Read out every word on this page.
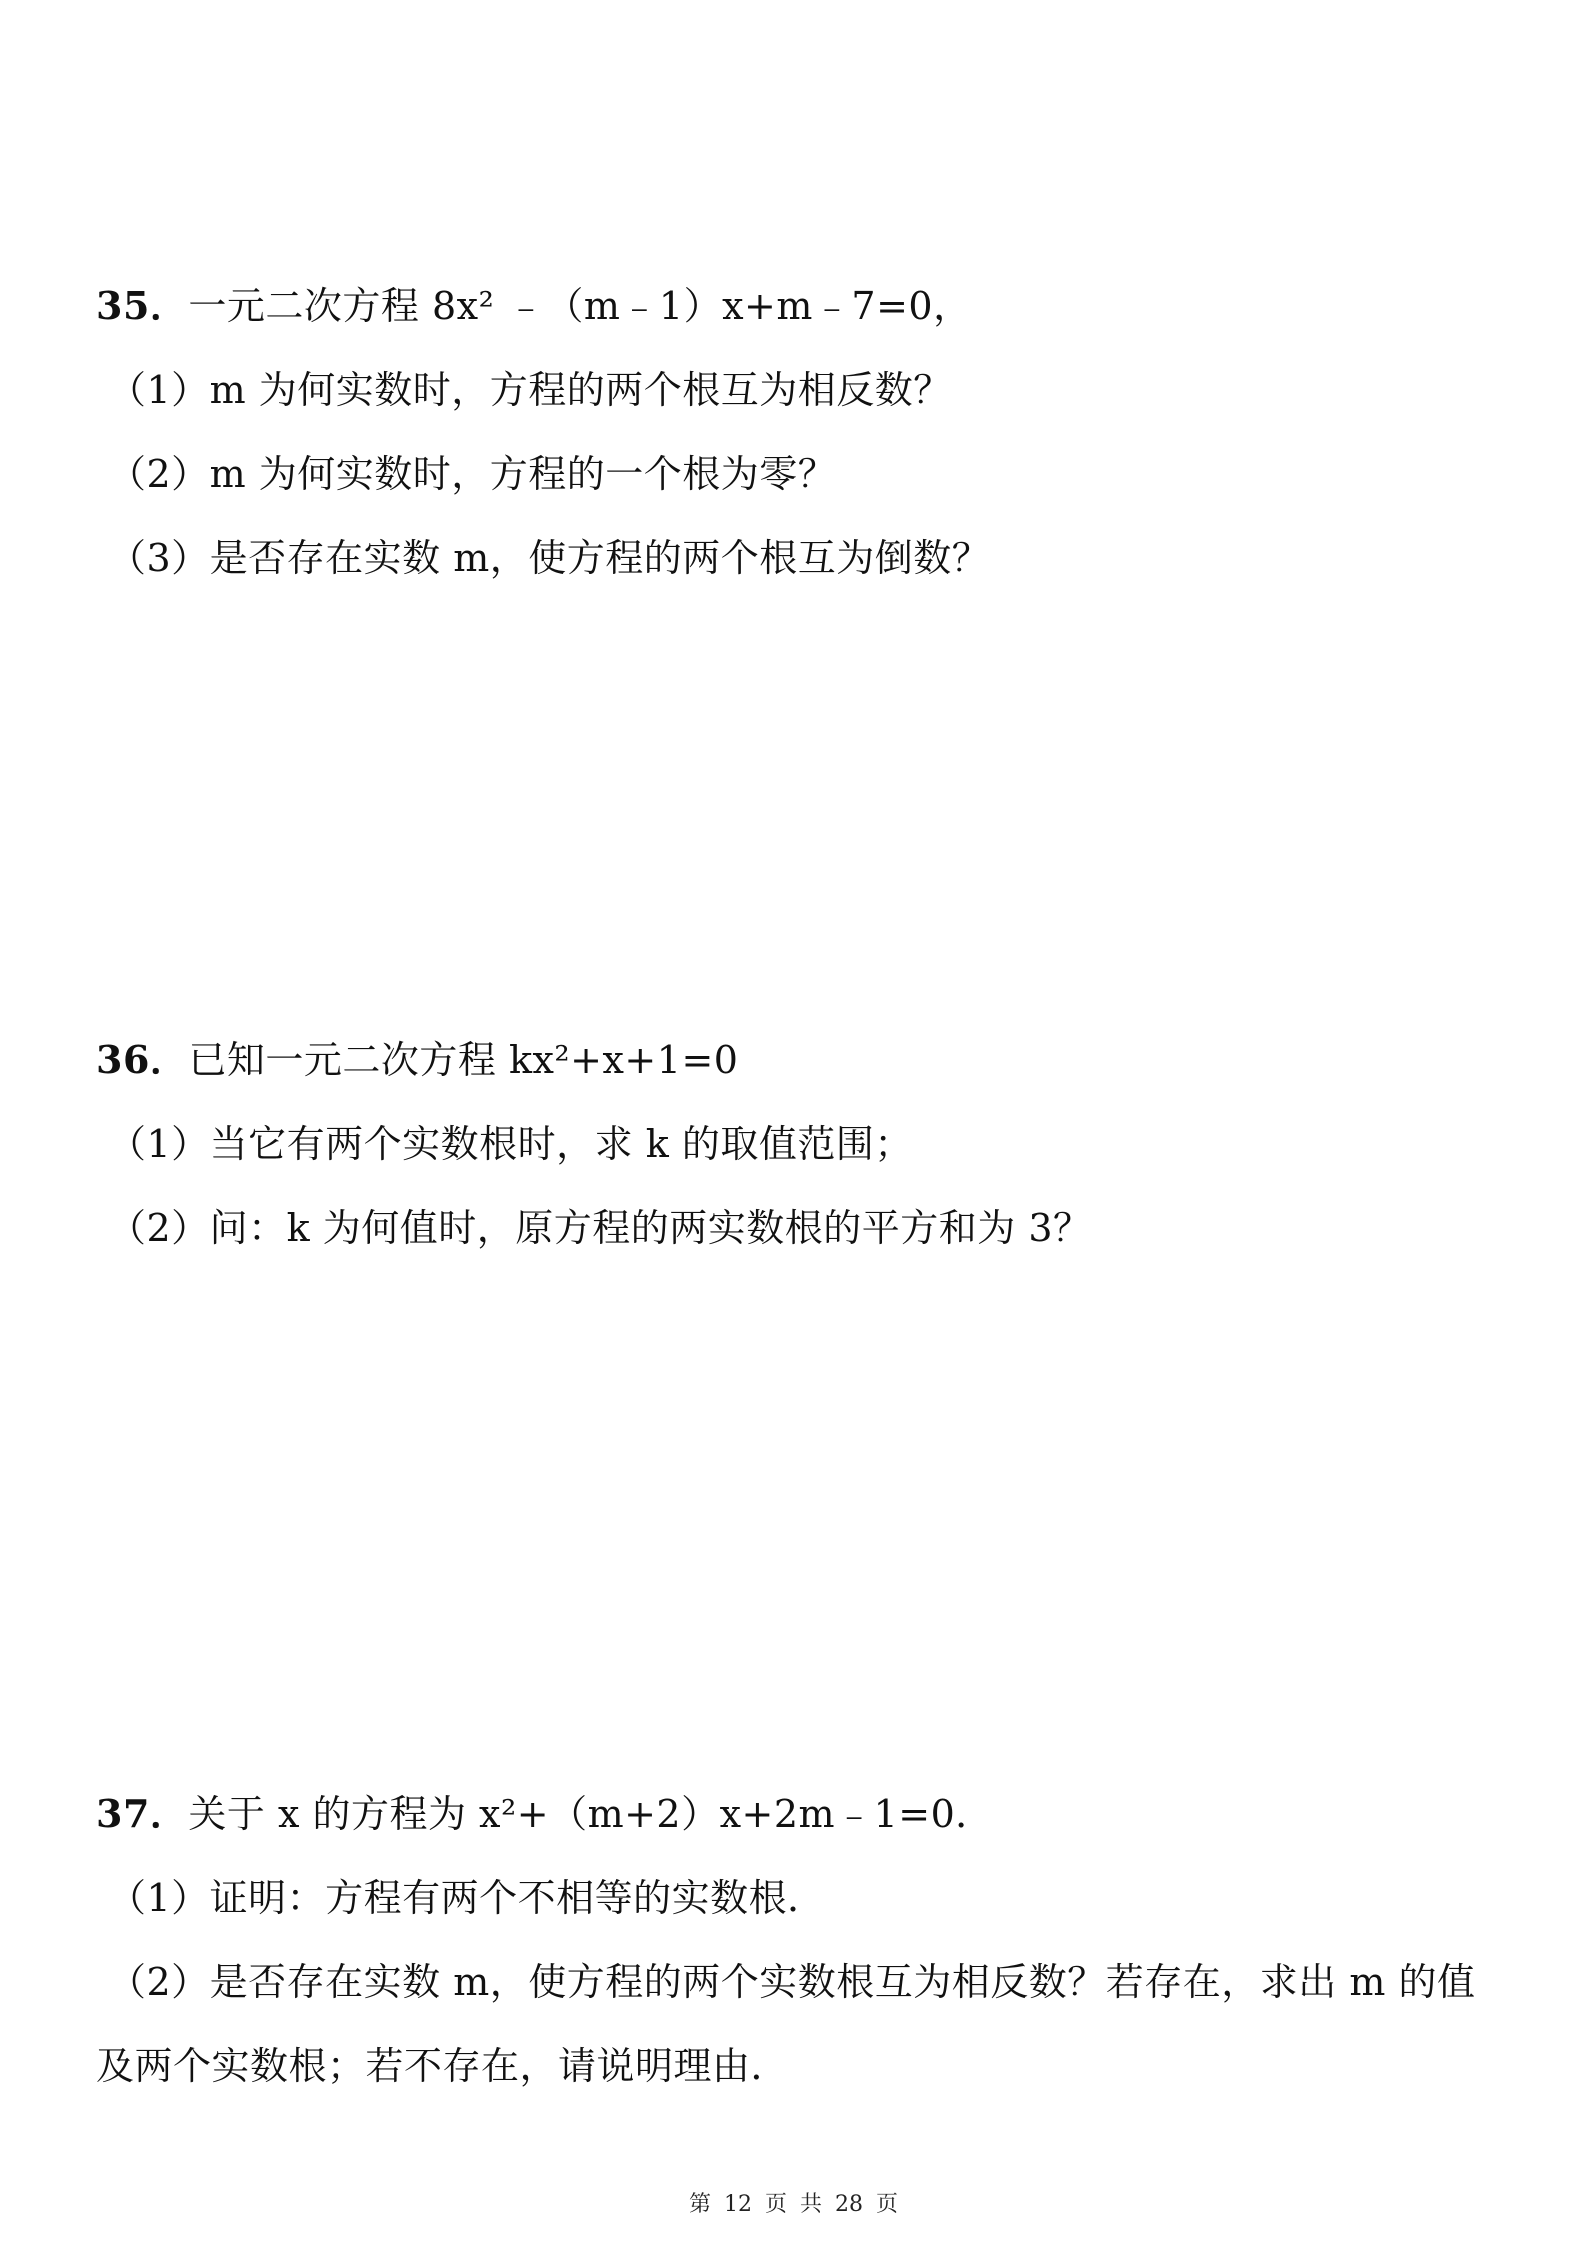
35．一元二次方程 8x² ﹣（m﹣1）x+m﹣7=0，
（1）m 为何实数时，方程的两个根互为相反数？
（2）m 为何实数时，方程的一个根为零？
（3）是否存在实数 m，使方程的两个根互为倒数？
36．已知一元二次方程 kx²+x+1=0
（1）当它有两个实数根时，求 k 的取值范围；
（2）问：k 为何值时，原方程的两实数根的平方和为 3？
37．关于 x 的方程为 x²+（m+2）x+2m﹣1=0．
（1）证明：方程有两个不相等的实数根．
（2）是否存在实数 m，使方程的两个实数根互为相反数？若存在，求出 m 的值
及两个实数根；若不存在，请说明理由．
第 12 页 共 28 页
